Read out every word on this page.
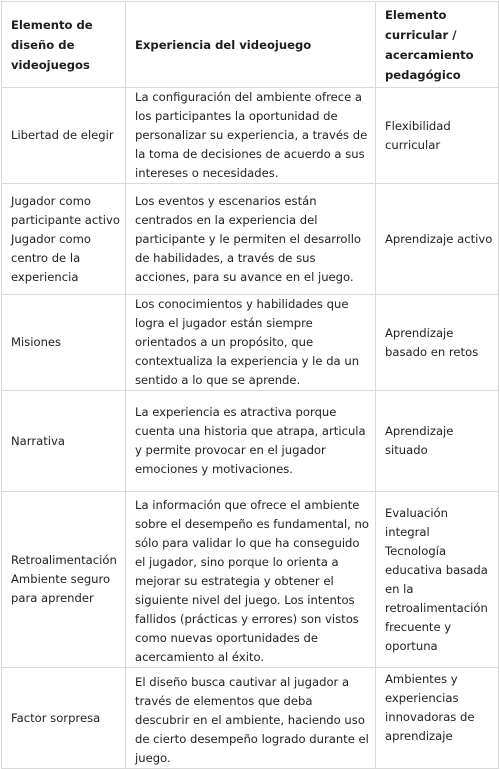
Elemento de diseño de videojuegos	Experiencia del videojuego	Elemento curricular / acercamiento pedagógico
Libertad de elegir	La configuración del ambiente ofrece a los participantes la oportunidad de personalizar su experiencia, a través de la toma de decisiones de acuerdo a sus intereses o necesidades.	Flexibilidad curricular
Jugador como participante activo Jugador como centro de la experiencia	Los eventos y escenarios están centrados en la experiencia del participante y le permiten el desarrollo de habilidades, a través de sus acciones, para su avance en el juego.	Aprendizaje activo
Misiones	Los conocimientos y habilidades que logra el jugador están siempre orientados a un propósito, que contextualiza la experiencia y le da un sentido a lo que se aprende.	Aprendizaje basado en retos
Narrativa	La experiencia es atractiva porque cuenta una historia que atrapa, articula y permite provocar en el jugador emociones y motivaciones.	Aprendizaje situado
Retroalimentación Ambiente seguro para aprender	La información que ofrece el ambiente sobre el desempeño es fundamental, no sólo para validar lo que ha conseguido el jugador, sino porque lo orienta a mejorar su estrategia y obtener el siguiente nivel del juego. Los intentos fallidos (prácticas y errores) son vistos como nuevas oportunidades de acercamiento al éxito.	Evaluación integral Tecnología educativa basada en la retroalimentación frecuente y oportuna
Factor sorpresa	El diseño busca cautivar al jugador a través de elementos que deba descubrir en el ambiente, haciendo uso de cierto desempeño logrado durante el juego.	Ambientes y experiencias innovadoras de aprendizaje
